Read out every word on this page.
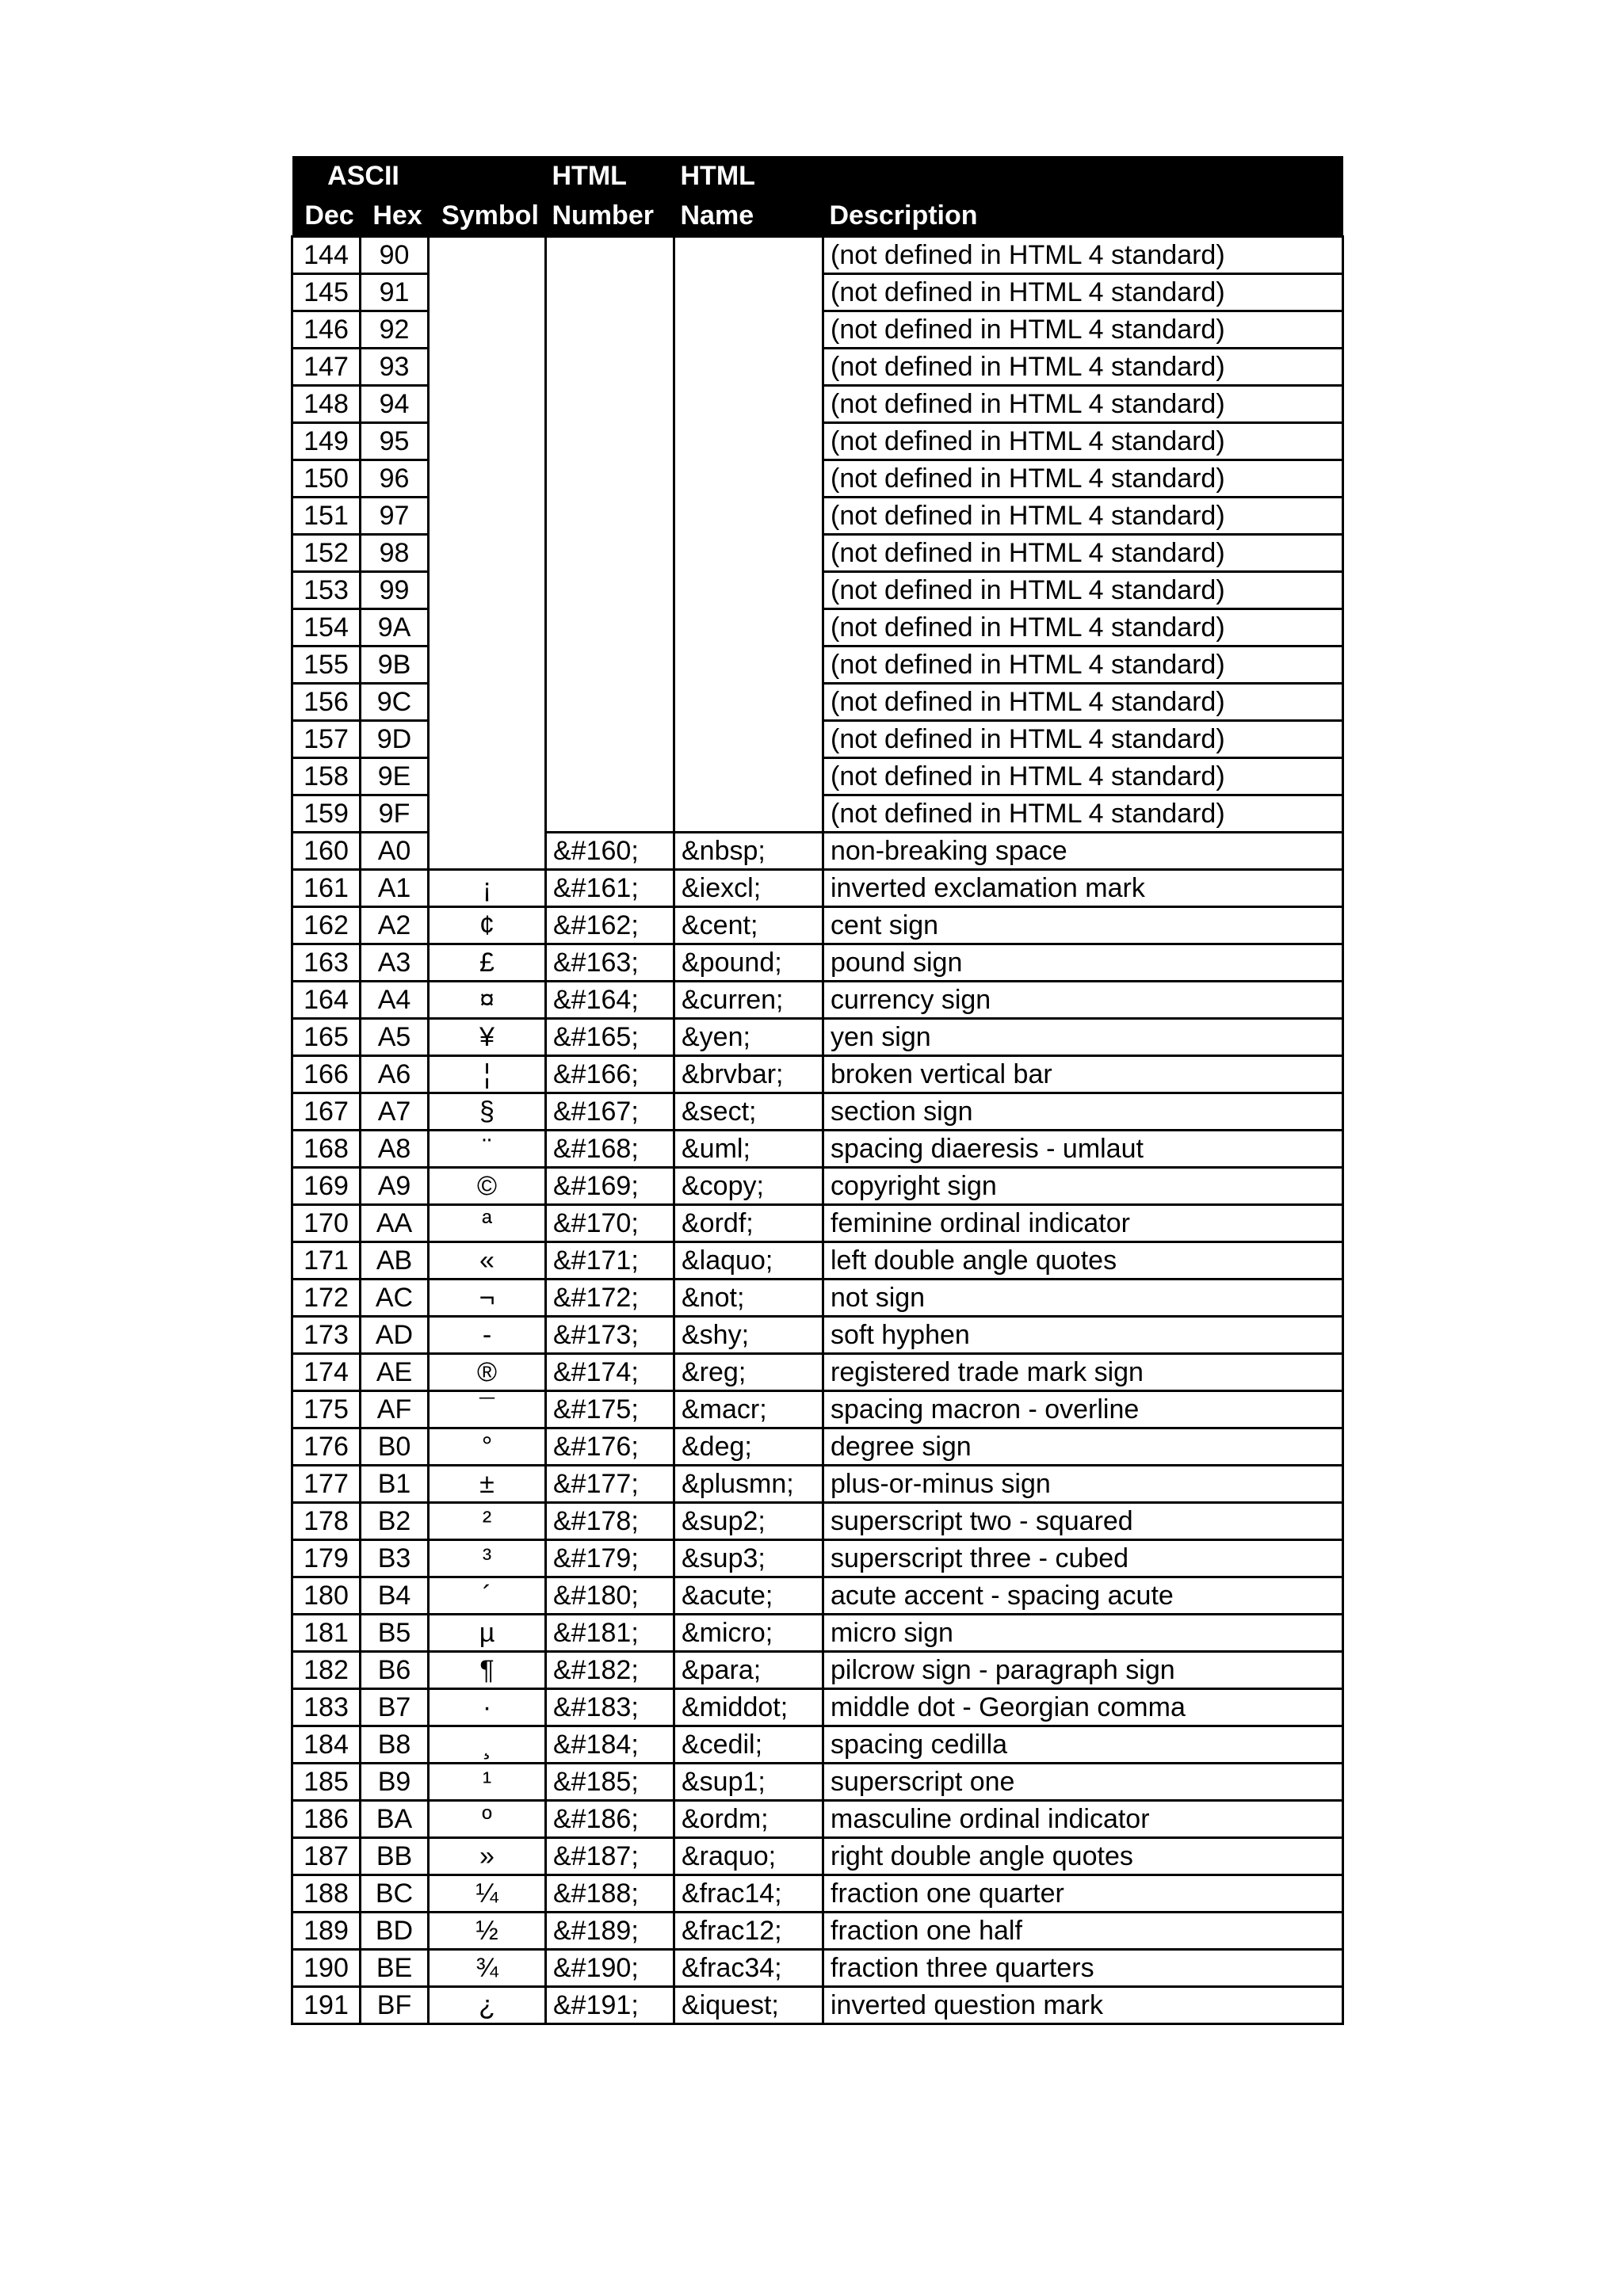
ASCII			HTML	HTML	
Dec	Hex	Symbol	Number	Name	Description
144	90				(not defined in HTML 4 standard)
145	91				(not defined in HTML 4 standard)
146	92				(not defined in HTML 4 standard)
147	93				(not defined in HTML 4 standard)
148	94				(not defined in HTML 4 standard)
149	95				(not defined in HTML 4 standard)
150	96				(not defined in HTML 4 standard)
151	97				(not defined in HTML 4 standard)
152	98				(not defined in HTML 4 standard)
153	99				(not defined in HTML 4 standard)
154	9A				(not defined in HTML 4 standard)
155	9B				(not defined in HTML 4 standard)
156	9C				(not defined in HTML 4 standard)
157	9D				(not defined in HTML 4 standard)
158	9E				(not defined in HTML 4 standard)
159	9F				(not defined in HTML 4 standard)
160	A0		&#160;	&nbsp;	non-breaking space
161	A1	¡	&#161;	&iexcl;	inverted exclamation mark
162	A2	¢	&#162;	&cent;	cent sign
163	A3	£	&#163;	&pound;	pound sign
164	A4	¤	&#164;	&curren;	currency sign
165	A5	¥	&#165;	&yen;	yen sign
166	A6	¦	&#166;	&brvbar;	broken vertical bar
167	A7	§	&#167;	&sect;	section sign
168	A8	¨	&#168;	&uml;	spacing diaeresis - umlaut
169	A9	©	&#169;	&copy;	copyright sign
170	AA	ª	&#170;	&ordf;	feminine ordinal indicator
171	AB	«	&#171;	&laquo;	left double angle quotes
172	AC	¬	&#172;	&not;	not sign
173	AD	-	&#173;	&shy;	soft hyphen
174	AE	®	&#174;	&reg;	registered trade mark sign
175	AF	¯	&#175;	&macr;	spacing macron - overline
176	B0	°	&#176;	&deg;	degree sign
177	B1	±	&#177;	&plusmn;	plus-or-minus sign
178	B2	²	&#178;	&sup2;	superscript two - squared
179	B3	³	&#179;	&sup3;	superscript three - cubed
180	B4	´	&#180;	&acute;	acute accent - spacing acute
181	B5	µ	&#181;	&micro;	micro sign
182	B6	¶	&#182;	&para;	pilcrow sign - paragraph sign
183	B7	·	&#183;	&middot;	middle dot - Georgian comma
184	B8	¸	&#184;	&cedil;	spacing cedilla
185	B9	¹	&#185;	&sup1;	superscript one
186	BA	º	&#186;	&ordm;	masculine ordinal indicator
187	BB	»	&#187;	&raquo;	right double angle quotes
188	BC	¼	&#188;	&frac14;	fraction one quarter
189	BD	½	&#189;	&frac12;	fraction one half
190	BE	¾	&#190;	&frac34;	fraction three quarters
191	BF	¿	&#191;	&iquest;	inverted question mark
